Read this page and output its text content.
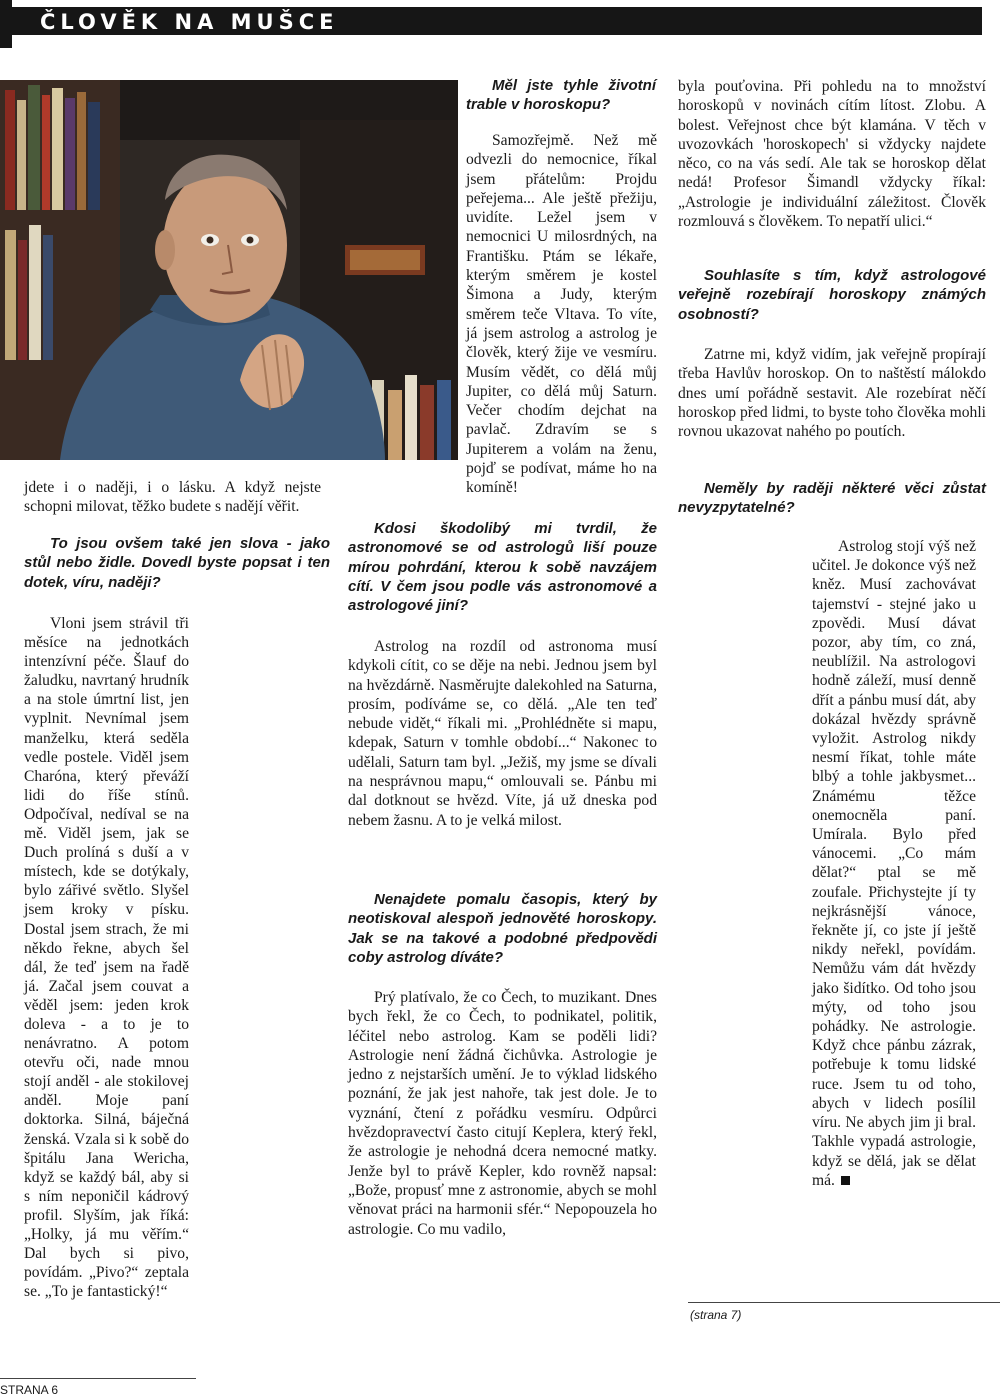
ČLOVĚK NA MUŠCE

jdete i o naději, i o lásku. A když nejste schopni milovat, těžko budete s nadějí věřit.

To jsou ovšem také jen slova - jako stůl nebo židle. Dovedl byste popsat i ten dotek, víru, naději?

Vloni jsem strávil tři měsíce na jednotkách intenzívní péče. Šlauf do žaludku, navrtaný hrudník a na stole úmrtní list, jen vyplnit. Nevnímal jsem manželku, která seděla vedle postele. Viděl jsem Charóna, který převáží lidi do říše stínů. Odpočíval, nedíval se na mě. Viděl jsem, jak se Duch prolíná s duší a v místech, kde se dotýkaly, bylo zářivé světlo. Slyšel jsem kroky v písku. Dostal jsem strach, že mi někdo řekne, abych šel dál, že teď jsem na řadě já. Začal jsem couvat a věděl jsem: jeden krok doleva - a to je to nenávratno. A potom otevřu oči, nade mnou stojí anděl - ale stokilovej anděl. Moje paní doktorka. Silná, báječná ženská. Vzala si k sobě do špitálu Jana Wericha, když se každý bál, aby si s ním neponičil kádrový profil. Slyším, jak říká: „Holky, já mu věřím.“ Dal bych si pivo, povídám. „Pivo?“ zeptala se. „To je fantastický!“

STRANA 6

Měl jste tyhle životní trable v horoskopu?

Samozřejmě. Než mě odvezli do nemocnice, říkal jsem přátelům: Projdu peřejema... Ale ještě přežiju, uvidíte. Ležel jsem v nemocnici U milosrdných, na Františku. Ptám se lékaře, kterým směrem je kostel Šimona a Judy, kterým směrem teče Vltava. To víte, já jsem astrolog a astrolog je člověk, který žije ve vesmíru. Musím vědět, co dělá můj Jupiter, co dělá můj Saturn. Večer chodím dejchat na pavlač. Zdravím se s Jupiterem a volám na ženu, pojď se podívat, máme ho na komíně!

Kdosi škodolibý mi tvrdil, že astronomové se od astrologů liší pouze mírou pohrdání, kterou k sobě navzájem cítí. V čem jsou podle vás astronomové a astrologové jiní?

Astrolog na rozdíl od astronoma musí kdykoli cítit, co se děje na nebi. Jednou jsem byl na hvězdárně. Nasměrujte dalekohled na Saturna, prosím, podíváme se, co dělá. „Ale ten teď nebude vidět,“ říkali mi. „Prohlédněte si mapu, kdepak, Saturn v tomhle období...“ Nakonec to udělali, Saturn tam byl. „Ježiš, my jsme se dívali na nesprávnou mapu,“ omlouvali se. Pánbu mi dal dotknout se hvězd. Víte, já už dneska pod nebem žasnu. A to je velká milost.

Nenajdete pomalu časopis, který by neotiskoval alespoň jednověté horoskopy. Jak se na takové a podobné předpovědi coby astrolog díváte?

Prý platívalo, že co Čech, to muzikant. Dnes bych řekl, že co Čech, to podnikatel, politik, léčitel nebo astrolog. Kam se poděli lidi? Astrologie není žádná čichůvka. Astrologie je jedno z nejstarších umění. Je to výklad lidského poznání, že jak jest nahoře, tak jest dole. Je to vyznání, čtení z pořádku vesmíru. Odpůrci hvězdopravectví často citují Keplera, který řekl, že astrologie je nehodná dcera nemocné matky. Jenže byl to právě Kepler, kdo rovněž napsal: „Bože, propusť mne z astronomie, abych se mohl věnovat práci na harmonii sfér.“ Nepopouzela ho astrologie. Co mu vadilo,

byla pouťovina. Při pohledu na to množství horoskopů v novinách cítím lítost. Zlobu. A bolest. Veřejnost chce být klamána. V těch v uvozovkách 'horoskopech' si vždycky najdete něco, co na vás sedí. Ale tak se horoskop dělat nedá! Profesor Šimandl vždycky říkal: „Astrologie je individuální záležitost. Člověk rozmlouvá s člověkem. To nepatří ulici.“

Souhlasíte s tím, když astrologové veřejně rozebírají horoskopy známých osobností?

Zatrne mi, když vidím, jak veřejně propírají třeba Havlův horoskop. On to naštěstí málokdo dnes umí pořádně sestavit. Ale rozebírat něčí horoskop před lidmi, to byste toho člověka mohli rovnou ukazovat nahého po poutích.

Neměly by raději některé věci zůstat nevyzpytatelné?

Astrolog stojí výš než učitel. Je dokonce výš než kněz. Musí zachovávat tajemství - stejné jako u zpovědi. Musí dávat pozor, aby tím, co zná, neublížil. Na astrologovi hodně záleží, musí denně dřít a pánbu musí dát, aby dokázal hvězdy správně vyložit. Astrolog nikdy nesmí říkat, tohle máte blbý a tohle jakbysmet... Známému těžce onemocněla paní. Umírala. Bylo před vánocemi. „Co mám dělat?“ ptal se mě zoufale. Přichystejte jí ty nejkrásnější vánoce, řekněte jí, co jste jí ještě nikdy neřekl, povídám. Nemůžu vám dát hvězdy jako šidítko. Od toho jsou mýty, od toho jsou pohádky. Ne astrologie. Když chce pánbu zázrak, potřebuje k tomu lidské ruce. Jsem tu od toho, abych v lidech posílil víru. Ne abych jim ji bral. Takhle vypadá astrologie, když se dělá, jak se dělat má.

(strana 7)
